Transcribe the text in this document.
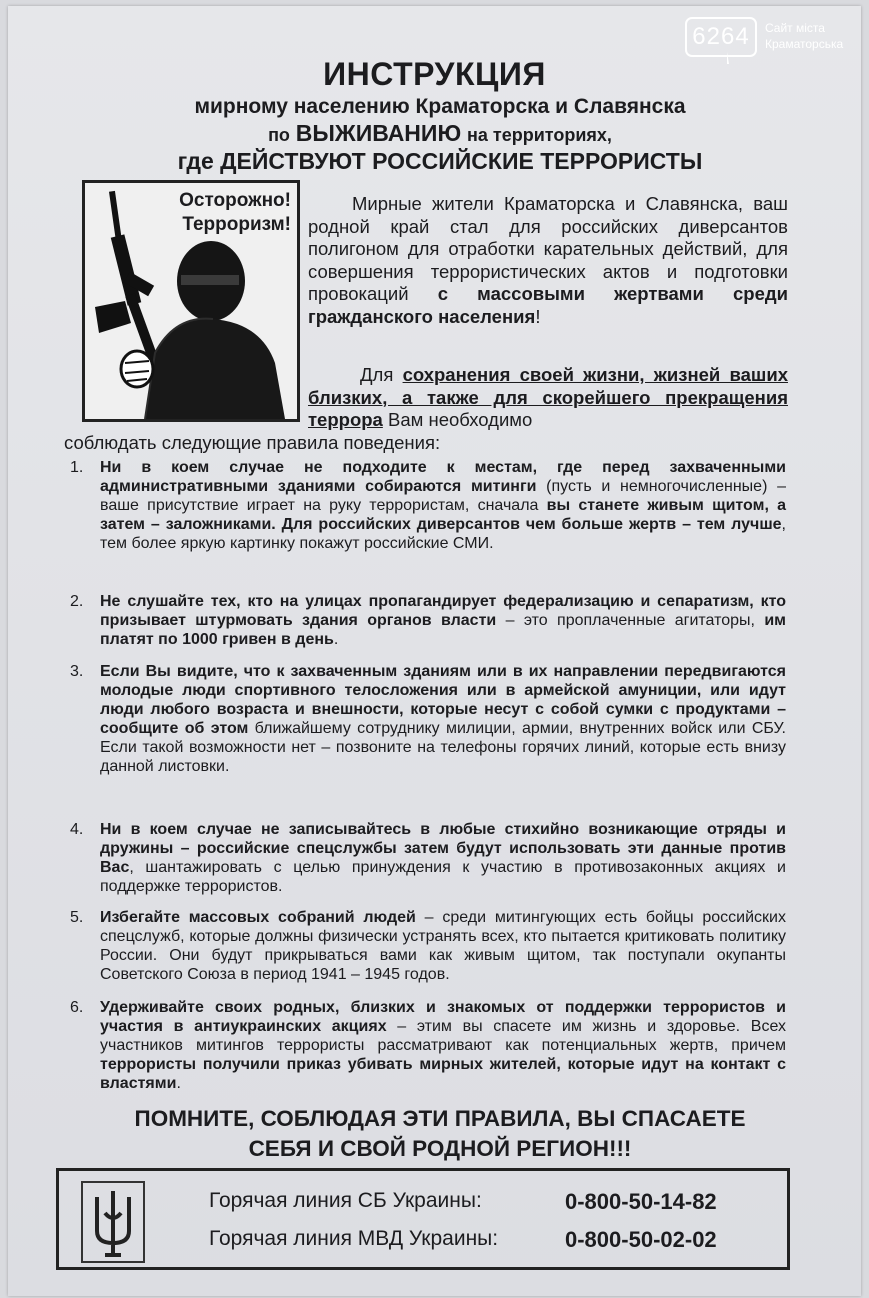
6264	Сайт міста
Краматорська
ИНСТРУКЦИЯ
мирному населению Краматорска и Славянска
по ВЫЖИВАНИЮ на территориях,
где ДЕЙСТВУЮТ РОССИЙСКИЕ ТЕРРОРИСТЫ
Осторожно!
Терроризм!
Мирные жители Краматорска и Славянска, ваш родной край стал для российских диверсантов полигоном для отработки карательных действий, для совершения террористических актов и подготовки провокаций с массовыми жертвами среди гражданского населения!
Для сохранения своей жизни, жизней ваших близких, а также для скорейшего прекращения террора Вам необходимо
соблюдать следующие правила поведения:
1. Ни в коем случае не подходите к местам, где перед захваченными административными зданиями собираются митинги (пусть и немногочисленные) – ваше присутствие играет на руку террористам, сначала вы станете живым щитом, а затем – заложниками. Для российских диверсантов чем больше жертв – тем лучше, тем более яркую картинку покажут российские СМИ.
2. Не слушайте тех, кто на улицах пропагандирует федерализацию и сепаратизм, кто призывает штурмовать здания органов власти – это проплаченные агитаторы, им платят по 1000 гривен в день.
3. Если Вы видите, что к захваченным зданиям или в их направлении передвигаются молодые люди спортивного телосложения или в армейской амуниции, или идут люди любого возраста и внешности, которые несут с собой сумки с продуктами – сообщите об этом ближайшему сотруднику милиции, армии, внутренних войск или СБУ. Если такой возможности нет – позвоните на телефоны горячих линий, которые есть внизу данной листовки.
4. Ни в коем случае не записывайтесь в любые стихийно возникающие отряды и дружины – российские спецслужбы затем будут использовать эти данные против Вас, шантажировать с целью принуждения к участию в противозаконных акциях и поддержке террористов.
5. Избегайте массовых собраний людей – среди митингующих есть бойцы российских спецслужб, которые должны физически устранять всех, кто пытается критиковать политику России. Они будут прикрываться вами как живым щитом, так поступали окупанты Советского Союза в период 1941 – 1945 годов.
6. Удерживайте своих родных, близких и знакомых от поддержки террористов и участия в антиукраинских акциях – этим вы спасете им жизнь и здоровье. Всех участников митингов террористы рассматривают как потенциальных жертв, причем террористы получили приказ убивать мирных жителей, которые идут на контакт с властями.
ПОМНИТЕ, СОБЛЮДАЯ ЭТИ ПРАВИЛА, ВЫ СПАСАЕТЕ
СЕБЯ И СВОЙ РОДНОЙ РЕГИОН!!!
Горячая линия СБ Украины:	0-800-50-14-82
Горячая линия МВД Украины:	0-800-50-02-02
